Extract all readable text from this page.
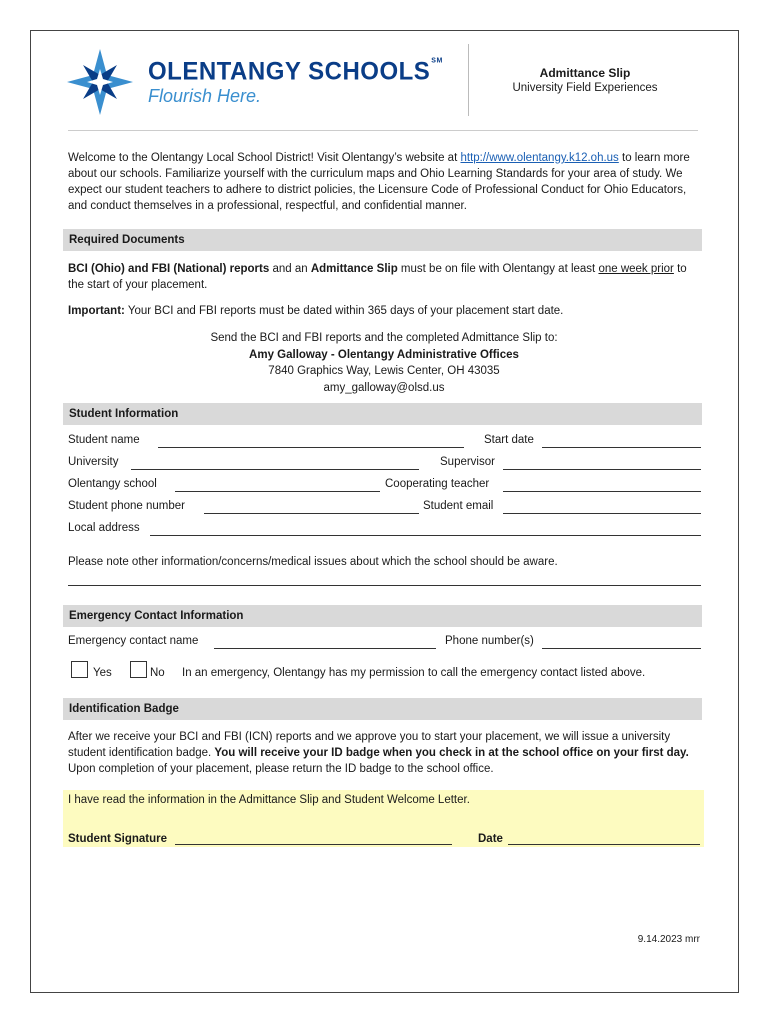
OLENTANGY SCHOOLS℠
Flourish Here.
Admittance Slip
University Field Experiences
Welcome to the Olentangy Local School District! Visit Olentangy’s website at http://www.olentangy.k12.oh.us to learn more about our schools. Familiarize yourself with the curriculum maps and Ohio Learning Standards for your area of study. We expect our student teachers to adhere to district policies, the Licensure Code of Professional Conduct for Ohio Educators, and conduct themselves in a professional, respectful, and confidential manner.
Required Documents
BCI (Ohio) and FBI (National) reports and an Admittance Slip must be on file with Olentangy at least one week prior to the start of your placement.
Important: Your BCI and FBI reports must be dated within 365 days of your placement start date.
Send the BCI and FBI reports and the completed Admittance Slip to:
Amy Galloway - Olentangy Administrative Offices
7840 Graphics Way, Lewis Center, OH 43035
amy_galloway@olsd.us
Student Information
Student name	Start date
University	Supervisor
Olentangy school	Cooperating teacher
Student phone number	Student email
Local address
Please note other information/concerns/medical issues about which the school should be aware.
Emergency Contact Information
Emergency contact name	Phone number(s)
Yes	No In an emergency, Olentangy has my permission to call the emergency contact listed above.
Identification Badge
After we receive your BCI and FBI (ICN) reports and we approve you to start your placement, we will issue a university student identification badge. You will receive your ID badge when you check in at the school office on your first day. Upon completion of your placement, please return the ID badge to the school office.
I have read the information in the Admittance Slip and Student Welcome Letter.
Student Signature	Date
9.14.2023 mrr
